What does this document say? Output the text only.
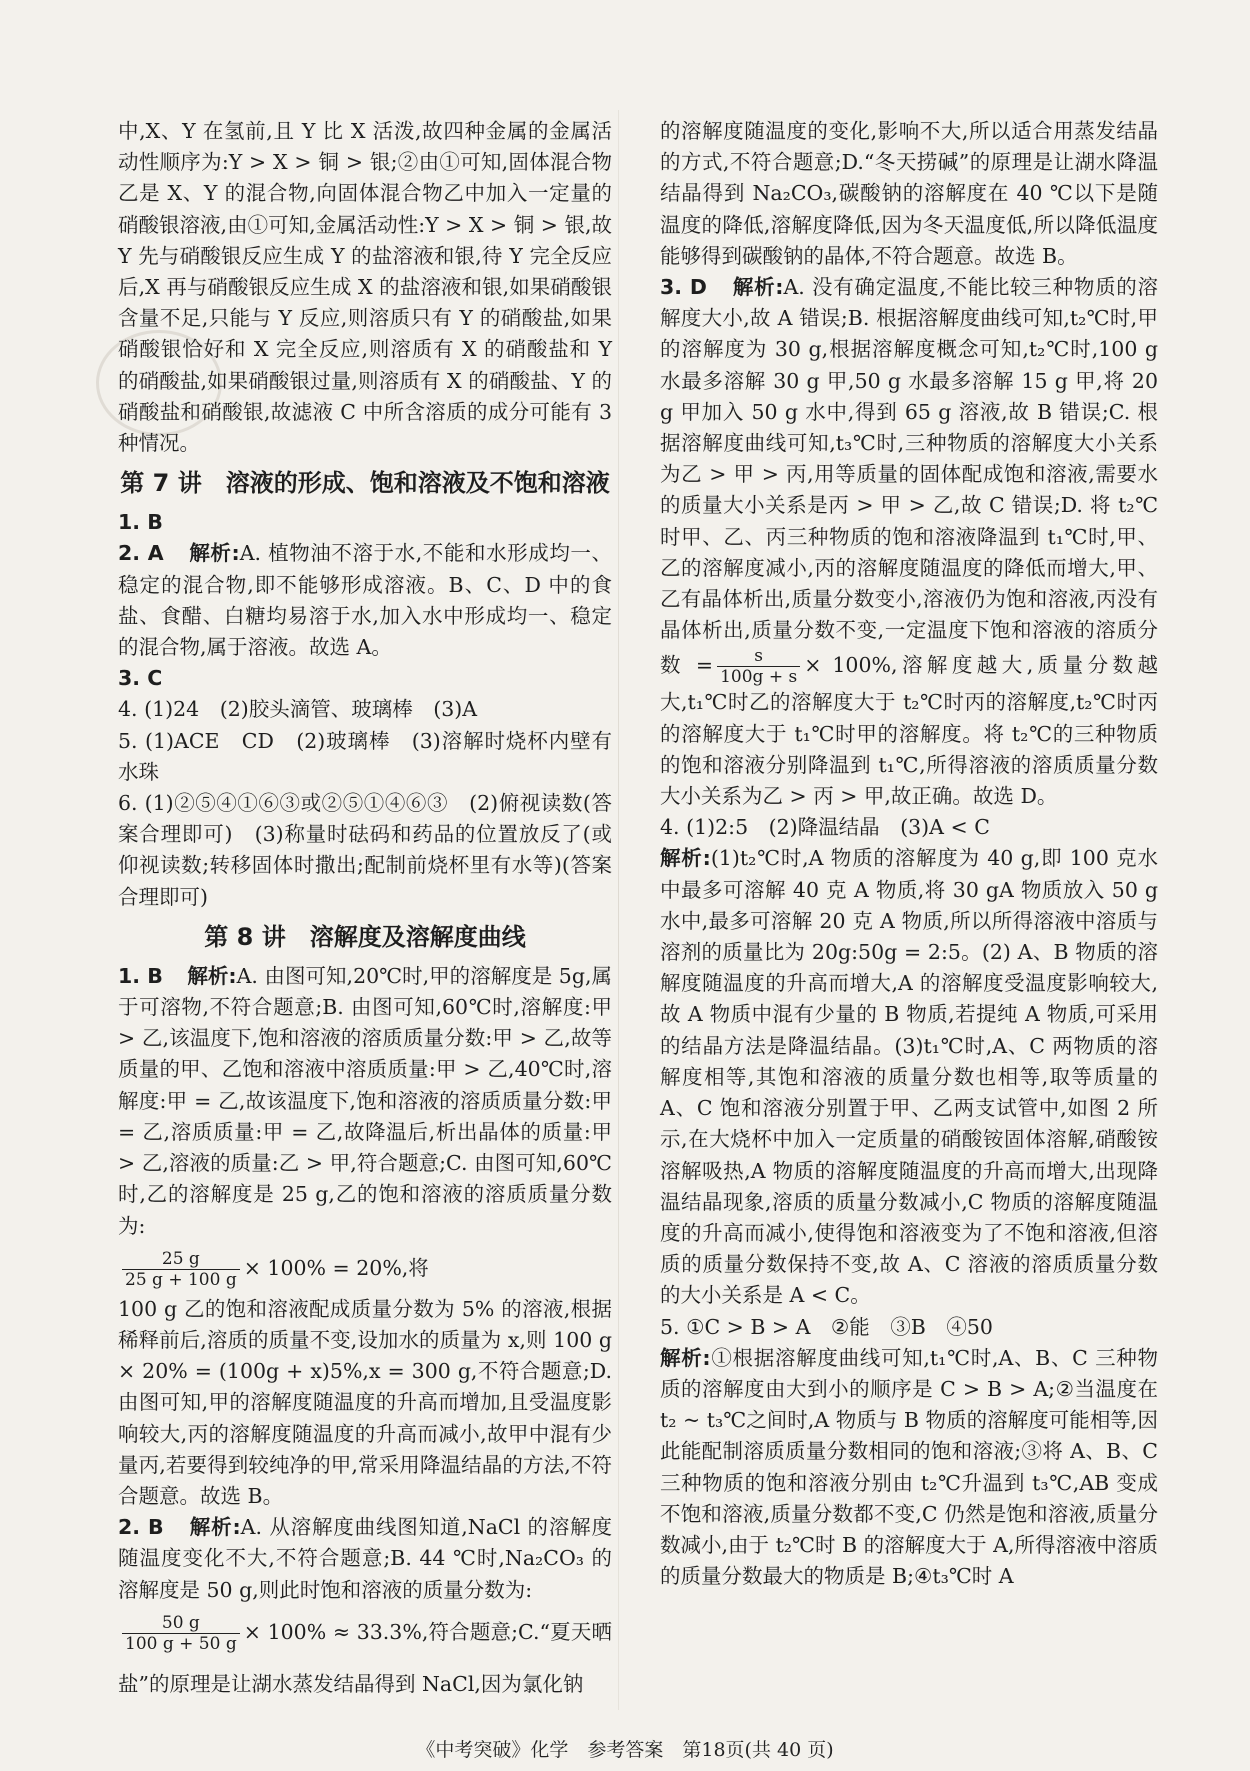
中,X、Y 在氢前,且 Y 比 X 活泼,故四种金属的金属活动性顺序为:Y > X > 铜 > 银;②由①可知,固体混合物乙是 X、Y 的混合物,向固体混合物乙中加入一定量的硝酸银溶液,由①可知,金属活动性:Y > X > 铜 > 银,故 Y 先与硝酸银反应生成 Y 的盐溶液和银,待 Y 完全反应后,X 再与硝酸银反应生成 X 的盐溶液和银,如果硝酸银含量不足,只能与 Y 反应,则溶质只有 Y 的硝酸盐,如果硝酸银恰好和 X 完全反应,则溶质有 X 的硝酸盐和 Y 的硝酸盐,如果硝酸银过量,则溶质有 X 的硝酸盐、Y 的硝酸盐和硝酸银,故滤液 C 中所含溶质的成分可能有 3 种情况。

第 7 讲　溶液的形成、饱和溶液及不饱和溶液

1. B

2. A　 解析:A. 植物油不溶于水,不能和水形成均一、稳定的混合物,即不能够形成溶液。B、C、D 中的食盐、食醋、白糖均易溶于水,加入水中形成均一、稳定的混合物,属于溶液。故选 A。

3. C

4. (1)24　(2)胶头滴管、玻璃棒　(3)A

5. (1)ACE　CD　(2)玻璃棒　(3)溶解时烧杯内壁有水珠

6. (1)②⑤④①⑥③或②⑤①④⑥③　(2)俯视读数(答案合理即可)　(3)称量时砝码和药品的位置放反了(或仰视读数;转移固体时撒出;配制前烧杯里有水等)(答案合理即可)

第 8 讲　溶解度及溶解度曲线

1. B　 解析:A. 由图可知,20℃时,甲的溶解度是 5g,属于可溶物,不符合题意;B. 由图可知,60℃时,溶解度:甲 > 乙,该温度下,饱和溶液的溶质质量分数:甲 > 乙,故等质量的甲、乙饱和溶液中溶质质量:甲 > 乙,40℃时,溶解度:甲 = 乙,故该温度下,饱和溶液的溶质质量分数:甲 = 乙,溶质质量:甲 = 乙,故降温后,析出晶体的质量:甲 > 乙,溶液的质量:乙 > 甲,符合题意;C. 由图可知,60℃时,乙的溶解度是 25 g,乙的饱和溶液的溶质质量分数为:

$\frac{25 g}{25 g + 100 g} \times 100\% = 20\%$,将

100 g 乙的饱和溶液配成质量分数为 5% 的溶液,根据稀释前后,溶质的质量不变,设加水的质量为 x,则 100 g × 20% = (100g + x)5%,x = 300 g,不符合题意;D. 由图可知,甲的溶解度随温度的升高而增加,且受温度影响较大,丙的溶解度随温度的升高而减小,故甲中混有少量丙,若要得到较纯净的甲,常采用降温结晶的方法,不符合题意。故选 B。

2. B　 解析:A. 从溶解度曲线图知道,NaCl 的溶解度随温度变化不大,不符合题意;B. 44 ℃时,Na₂CO₃ 的溶解度是 50 g,则此时饱和溶液的质量分数为:

$\frac{50 g}{100 g + 50 g} \times 100\% \approx 33.3\%$,符合题意;C.“夏天晒盐”的原理是让湖水蒸发结晶得到 NaCl,因为氯化钠

的溶解度随温度的变化,影响不大,所以适合用蒸发结晶的方式,不符合题意;D.“冬天捞碱”的原理是让湖水降温结晶得到 Na₂CO₃,碳酸钠的溶解度在 40 ℃以下是随温度的降低,溶解度降低,因为冬天温度低,所以降低温度能够得到碳酸钠的晶体,不符合题意。故选 B。

3. D　 解析:A. 没有确定温度,不能比较三种物质的溶解度大小,故 A 错误;B. 根据溶解度曲线可知,t₂℃时,甲的溶解度为 30 g,根据溶解度概念可知,t₂℃时,100 g 水最多溶解 30 g 甲,50 g 水最多溶解 15 g 甲,将 20 g 甲加入 50 g 水中,得到 65 g 溶液,故 B 错误;C. 根据溶解度曲线可知,t₃℃时,三种物质的溶解度大小关系为乙 > 甲 > 丙,用等质量的固体配成饱和溶液,需要水的质量大小关系是丙 > 甲 > 乙,故 C 错误;D. 将 t₂℃时甲、乙、丙三种物质的饱和溶液降温到 t₁℃时,甲、乙的溶解度减小,丙的溶解度随温度的降低而增大,甲、乙有晶体析出,质量分数变小,溶液仍为饱和溶液,丙没有晶体析出,质量分数不变,一定温度下饱和溶液的溶质分数 = $\frac{s}{100g + s} \times 100\%$,溶解度越大,质量分数越大,t₁℃时乙的溶解度大于 t₂℃时丙的溶解度,t₂℃时丙的溶解度大于 t₁℃时甲的溶解度。将 t₂℃的三种物质的饱和溶液分别降温到 t₁℃,所得溶液的溶质质量分数大小关系为乙 > 丙 > 甲,故正确。故选 D。

4. (1)2:5　(2)降温结晶　(3)A < C

解析:(1)t₂℃时,A 物质的溶解度为 40 g,即 100 克水中最多可溶解 40 克 A 物质,将 30 gA 物质放入 50 g 水中,最多可溶解 20 克 A 物质,所以所得溶液中溶质与溶剂的质量比为 20g:50g = 2:5。(2) A、B 物质的溶解度随温度的升高而增大,A 的溶解度受温度影响较大,故 A 物质中混有少量的 B 物质,若提纯 A 物质,可采用的结晶方法是降温结晶。(3)t₁℃时,A、C 两物质的溶解度相等,其饱和溶液的质量分数也相等,取等质量的 A、C 饱和溶液分别置于甲、乙两支试管中,如图 2 所示,在大烧杯中加入一定质量的硝酸铵固体溶解,硝酸铵溶解吸热,A 物质的溶解度随温度的升高而增大,出现降温结晶现象,溶质的质量分数减小,C 物质的溶解度随温度的升高而减小,使得饱和溶液变为了不饱和溶液,但溶质的质量分数保持不变,故 A、C 溶液的溶质质量分数的大小关系是 A < C。

5. ①C > B > A　②能　③B　④50

解析:①根据溶解度曲线可知,t₁℃时,A、B、C 三种物质的溶解度由大到小的顺序是 C > B > A;②当温度在 t₂ ~ t₃℃之间时,A 物质与 B 物质的溶解度可能相等,因此能配制溶质质量分数相同的饱和溶液;③将 A、B、C 三种物质的饱和溶液分别由 t₂℃升温到 t₃℃,AB 变成不饱和溶液,质量分数都不变,C 仍然是饱和溶液,质量分数减小,由于 t₂℃时 B 的溶解度大于 A,所得溶液中溶质的质量分数最大的物质是 B;④t₃℃时 A

《中考突破》化学　参考答案　第18页(共 40 页)
